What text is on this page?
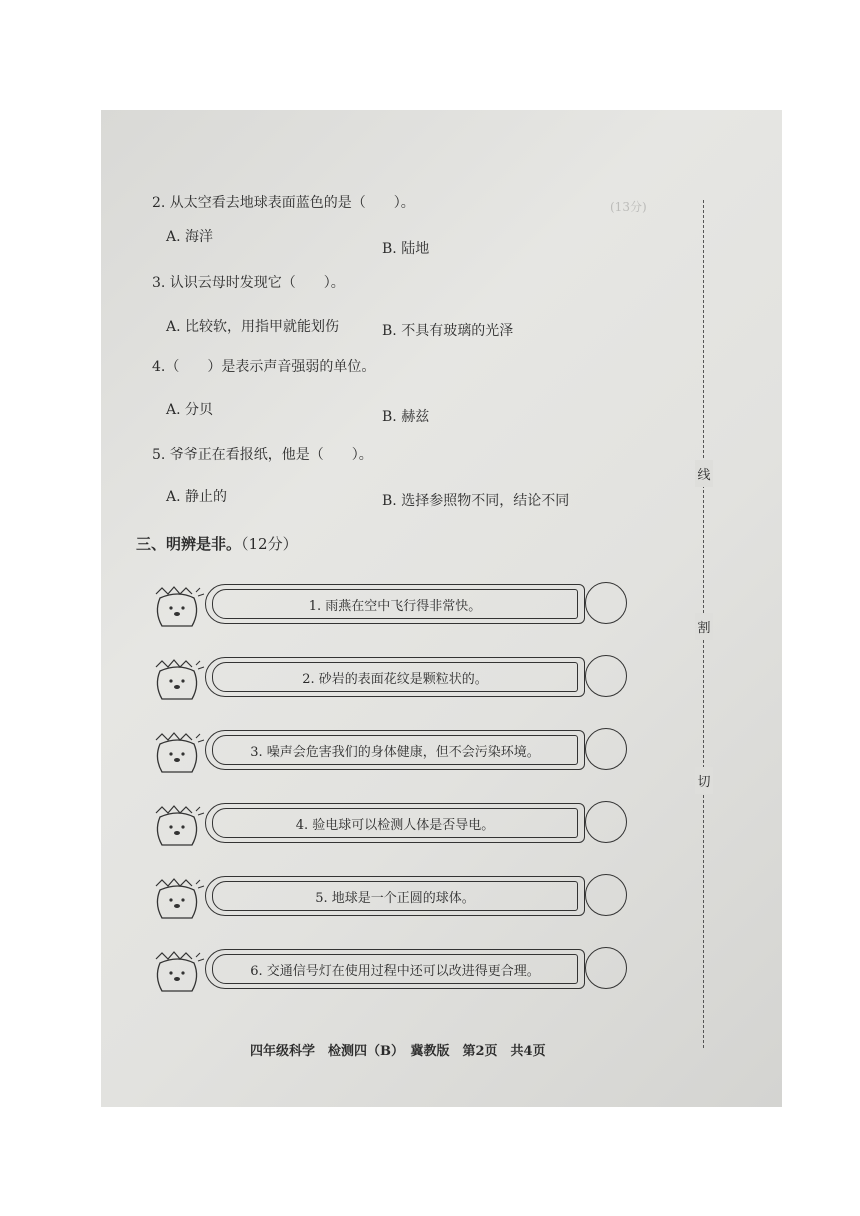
(13分)
2. 从太空看去地球表面蓝色的是（　　）。
A. 海洋
B. 陆地
3. 认识云母时发现它（　　）。
A. 比较软，用指甲就能划伤	B. 不具有玻璃的光泽
4.（　　）是表示声音强弱的单位。
A. 分贝	B. 赫兹
5. 爷爷正在看报纸，他是（　　）。
A. 静止的	B. 选择参照物不同，结论不同
三、明辨是非。（12分）
1. 雨燕在空中飞行得非常快。
2. 砂岩的表面花纹是颗粒状的。
3. 噪声会危害我们的身体健康，但不会污染环境。
4. 验电球可以检测人体是否导电。
5. 地球是一个正圆的球体。
6. 交通信号灯在使用过程中还可以改进得更合理。
线
割
切
四年级科学　检测四（B）　冀教版　第2页　共4页
